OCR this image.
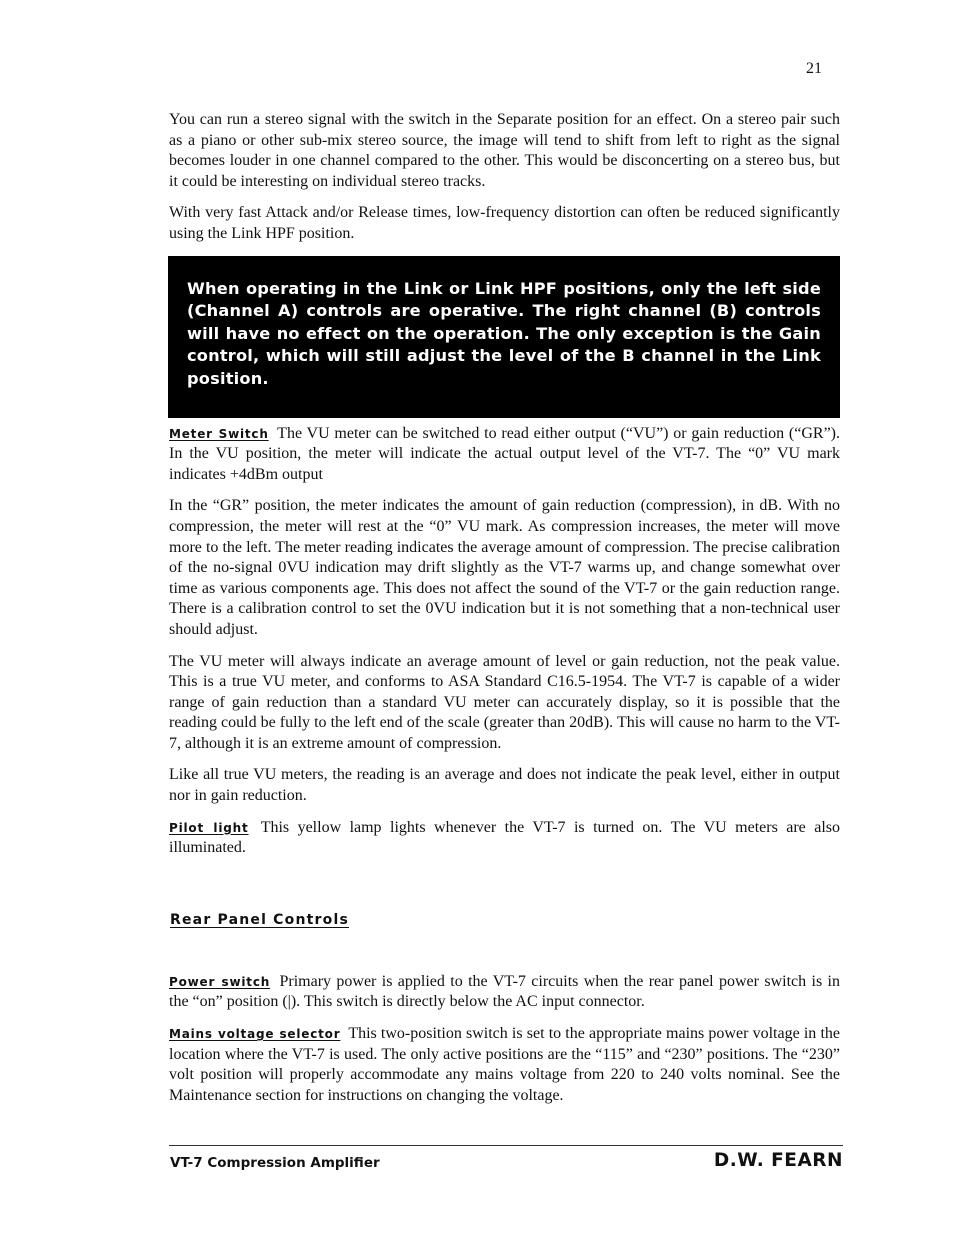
21

You can run a stereo signal with the switch in the Separate position for an effect. On a stereo pair such as a piano or other sub-mix stereo source, the image will tend to shift from left to right as the signal becomes louder in one channel compared to the other. This would be disconcerting on a stereo bus, but it could be interesting on individual stereo tracks.

With very fast Attack and/or Release times, low-frequency distortion can often be reduced significantly using the Link HPF position.

When operating in the Link or Link HPF positions, only the left side (Channel A) controls are operative. The right channel (B) controls will have no effect on the operation. The only exception is the Gain control, which will still adjust the level of the B channel in the Link position.

Meter Switch The VU meter can be switched to read either output (“VU”) or gain reduction (“GR”). In the VU position, the meter will indicate the actual output level of the VT-7. The “0” VU mark indicates +4dBm output

In the “GR” position, the meter indicates the amount of gain reduction (compression), in dB. With no compression, the meter will rest at the “0” VU mark. As compression increases, the meter will move more to the left. The meter reading indicates the average amount of compression. The precise calibration of the no-signal 0VU indication may drift slightly as the VT-7 warms up, and change somewhat over time as various components age. This does not affect the sound of the VT-7 or the gain reduction range. There is a calibration control to set the 0VU indication but it is not something that a non-technical user should adjust.

The VU meter will always indicate an average amount of level or gain reduction, not the peak value. This is a true VU meter, and conforms to ASA Standard C16.5-1954. The VT-7 is capable of a wider range of gain reduction than a standard VU meter can accurately display, so it is possible that the reading could be fully to the left end of the scale (greater than 20dB). This will cause no harm to the VT-7, although it is an extreme amount of compression.

Like all true VU meters, the reading is an average and does not indicate the peak level, either in output nor in gain reduction.

Pilot light This yellow lamp lights whenever the VT-7 is turned on. The VU meters are also illuminated.

Rear Panel Controls

Power switch Primary power is applied to the VT-7 circuits when the rear panel power switch is in the “on” position (|). This switch is directly below the AC input connector.

Mains voltage selector This two-position switch is set to the appropriate mains power voltage in the location where the VT-7 is used. The only active positions are the “115” and “230” positions. The “230” volt position will properly accommodate any mains voltage from 220 to 240 volts nominal. See the Maintenance section for instructions on changing the voltage.

VT-7 Compression Amplifier	D.W. FEARN
